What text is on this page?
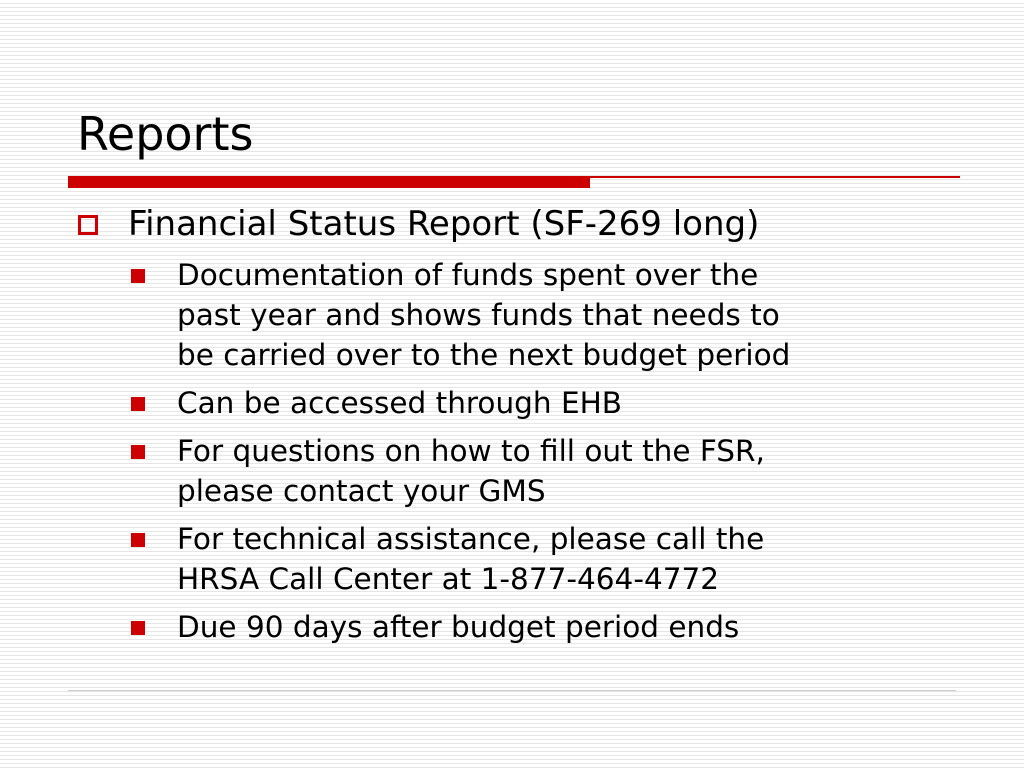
Reports
Financial Status Report (SF-269 long)
Documentation of funds spent over the
past year and shows funds that needs to
be carried over to the next budget period
Can be accessed through EHB
For questions on how to fill out the FSR,
please contact your GMS
For technical assistance, please call the
HRSA Call Center at 1-877-464-4772
Due 90 days after budget period ends
